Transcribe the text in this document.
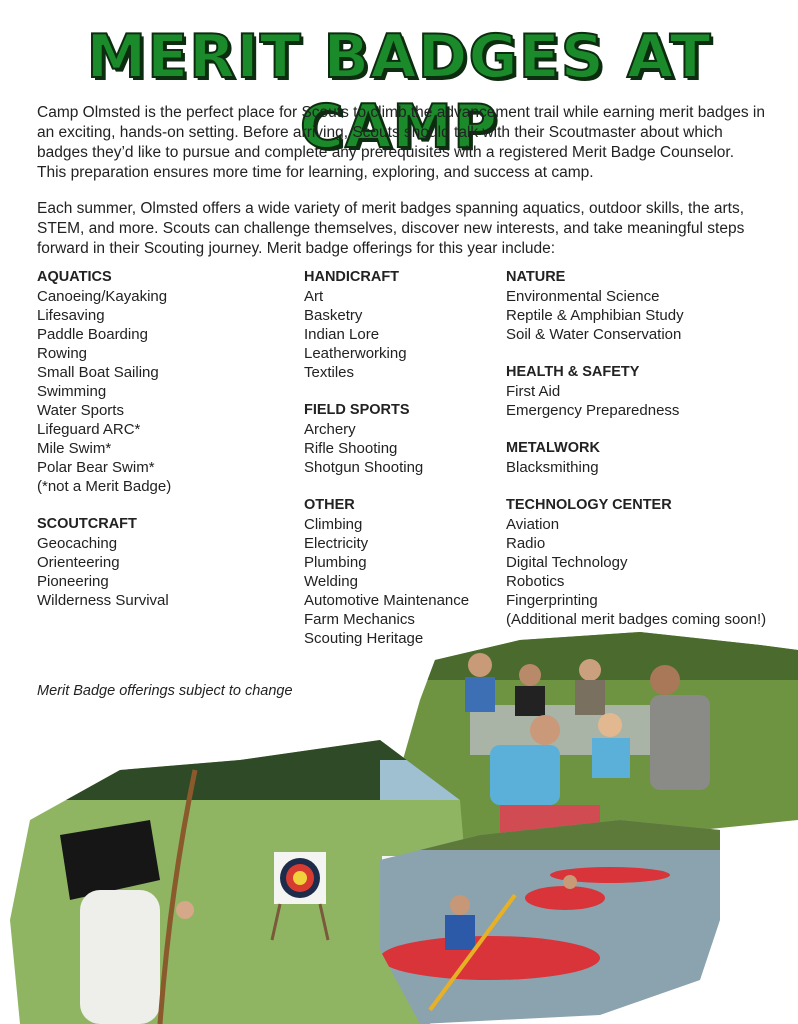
MERIT BADGES AT CAMP

Camp Olmsted is the perfect place for Scouts to climb the advancement trail while earning merit badges in an exciting, hands-on setting. Before arriving, Scouts should talk with their Scoutmaster about which badges they’d like to pursue and complete any prerequisites with a registered Merit Badge Counselor. This preparation ensures more time for learning, exploring, and success at camp.

Each summer, Olmsted offers a wide variety of merit badges spanning aquatics, outdoor skills, the arts, STEM, and more. Scouts can challenge themselves, discover new interests, and take meaningful steps forward in their Scouting journey. Merit badge offerings for this year include:

AQUATICS
Canoeing/Kayaking
Lifesaving
Paddle Boarding
Rowing
Small Boat Sailing
Swimming
Water Sports
Lifeguard ARC*
Mile Swim*
Polar Bear Swim*
(*not a Merit Badge)
SCOUTCRAFT
Geocaching
Orienteering
Pioneering
Wilderness Survival
HANDICRAFT
Art
Basketry
Indian Lore
Leatherworking
Textiles
FIELD SPORTS
Archery
Rifle Shooting
Shotgun Shooting
OTHER
Climbing
Electricity
Plumbing
Welding
Automotive Maintenance
Farm Mechanics
Scouting Heritage
NATURE
Environmental Science
Reptile & Amphibian Study
Soil & Water Conservation
HEALTH & SAFETY
First Aid
Emergency Preparedness
METALWORK
Blacksmithing
TECHNOLOGY CENTER
Aviation
Radio
Digital Technology
Robotics
Fingerprinting
(Additional merit badges coming soon!)
Merit Badge offerings subject to change
